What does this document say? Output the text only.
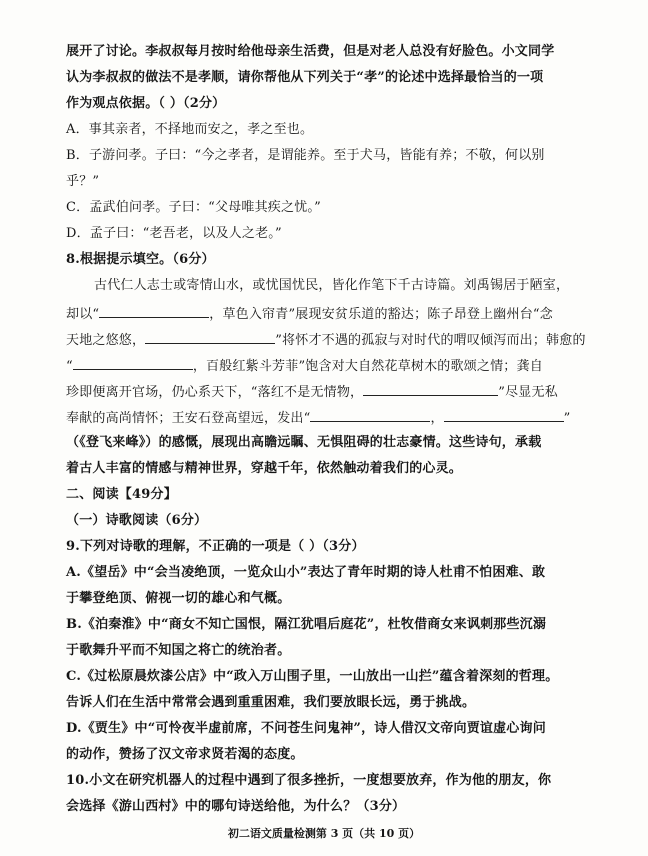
展开了讨论。李叔叔每月按时给他母亲生活费，但是对老人总没有好脸色。小文同学
认为李叔叔的做法不是孝顺，请你帮他从下列关于“孝”的论述中选择最恰当的一项
作为观点依据。（ ）（2分）
A．事其亲者，不择地而安之，孝之至也。
B．子游问孝。子曰：“今之孝者，是谓能养。至于犬马，皆能有养；不敬，何以别
乎？”
C．孟武伯问孝。子曰：“父母唯其疾之忧。”
D．孟子曰：“老吾老，以及人之老。”
8.根据提示填空。（6分）
古代仁人志士或寄情山水，或忧国忧民，皆化作笔下千古诗篇。刘禹锡居于陋室，
却以“	，草色入帘青”展现安贫乐道的豁达；陈子昂登上幽州台“念
天地之悠悠，	”将怀才不遇的孤寂与对时代的喟叹倾泻而出；韩愈的
“	，百般红紫斗芳菲”饱含对大自然花草树木的歌颂之情；龚自
珍即便离开官场，仍心系天下，“落红不是无情物，	”尽显无私
奉献的高尚情怀；王安石登高望远，发出“	，	”
（《登飞来峰》）的感慨，展现出高瞻远瞩、无惧阻碍的壮志豪情。这些诗句，承载
着古人丰富的情感与精神世界，穿越千年，依然触动着我们的心灵。
二、阅读【49分】
（一）诗歌阅读（6分）
9.下列对诗歌的理解，不正确的一项是（ ）（3分）
A.《望岳》中“会当凌绝顶，一览众山小”表达了青年时期的诗人杜甫不怕困难、敢
于攀登绝顶、俯视一切的雄心和气概。
B.《泊秦淮》中“商女不知亡国恨，隔江犹唱后庭花”，杜牧借商女来讽刺那些沉溺
于歌舞升平而不知国之将亡的统治者。
C.《过松原晨炊漆公店》中“政入万山围子里，一山放出一山拦”蕴含着深刻的哲理。
告诉人们在生活中常常会遇到重重困难，我们要放眼长远，勇于挑战。
D.《贾生》中“可怜夜半虚前席，不问苍生问鬼神”，诗人借汉文帝向贾谊虚心询问
的动作，赞扬了汉文帝求贤若渴的态度。
10.小文在研究机器人的过程中遇到了很多挫折，一度想要放弃，作为他的朋友，你
会选择《游山西村》中的哪句诗送给他，为什么？（3分）
初二语文质量检测第 3 页（共 10 页）
